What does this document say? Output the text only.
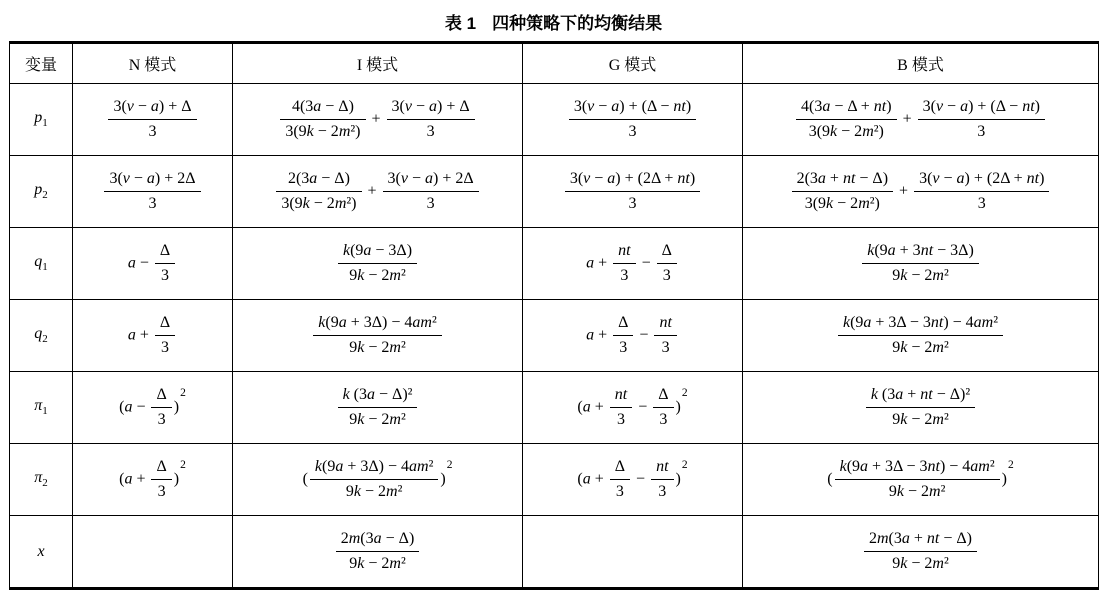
表 1 四种策略下的均衡结果
变量	N 模式	I 模式	G 模式	B 模式
$p_1$	$\frac{3(v - a) + \Delta}{3}$	$\frac{4(3a - \Delta)}{\text{3(9k − 2m²)}} + \frac{3(v - a) + \Delta}{3}$	$\frac{3(v - a) + (\Delta - nt)}{3}$	$\frac{4(3a - \Delta + nt)}{\text{3(9k − 2m²)}} + \frac{3(v - a) + (\Delta - nt)}{3}$

$p_2$	$\frac{3(v - a) + 2\Delta}{3}$	$\frac{2(3a - \Delta)}{\text{3(9k − 2m²)}} + \frac{3(v - a) + 2\Delta}{3}$	$\frac{3(v - a) + (2\Delta + nt)}{3}$	$\frac{2(3a + nt - \Delta)}{\text{3(9k − 2m²)}} + \frac{3(v - a) + (2\Delta + nt)}{3}$

$q_1$	$a - \frac{\Delta}{3}$	$\frac{k(9a - 3\Delta)}{\text{9k − 2m²}}$	$a + \frac{nt}{3} - \frac{\Delta}{3}$	$\frac{k(9a + 3nt - 3\Delta)}{\text{9k − 2m²}}$

$q_2$	$a + \frac{\Delta}{3}$	$\frac{\text{k(9a + 3Δ) − 4am²}}{\text{9k − 2m²}}$	$a + \frac{\Delta}{3} - \frac{nt}{3}$	$\frac{\text{k(9a + 3Δ − 3nt) − 4am²}}{\text{9k − 2m²}}$

$\pi_1$	$(a - \frac{\Delta}{3} )^2$	$\frac{\text{k (3a − Δ)²}}{\text{9k − 2m²}}$	$(a + \frac{nt}{3} - \frac{\Delta}{3} )^2$	$\frac{\text{k (3a + nt − Δ)²}}{\text{9k − 2m²}}$

$\pi_2$	$(a + \frac{\Delta}{3} )^2$	( $\frac{\text{k(9a + 3Δ) − 4am²}}{\text{9k − 2m²}} )^2$	$(a + \frac{\Delta}{3} - \frac{nt}{3} )^2$	( $\frac{\text{k(9a + 3Δ − 3nt) − 4am²}}{\text{9k − 2m²}} )^2$
x		$\frac{2m(3a - \Delta)}{\text{9k − 2m²}}$		$\frac{2m(3a + nt - \Delta)}{\text{9k − 2m²}}$
